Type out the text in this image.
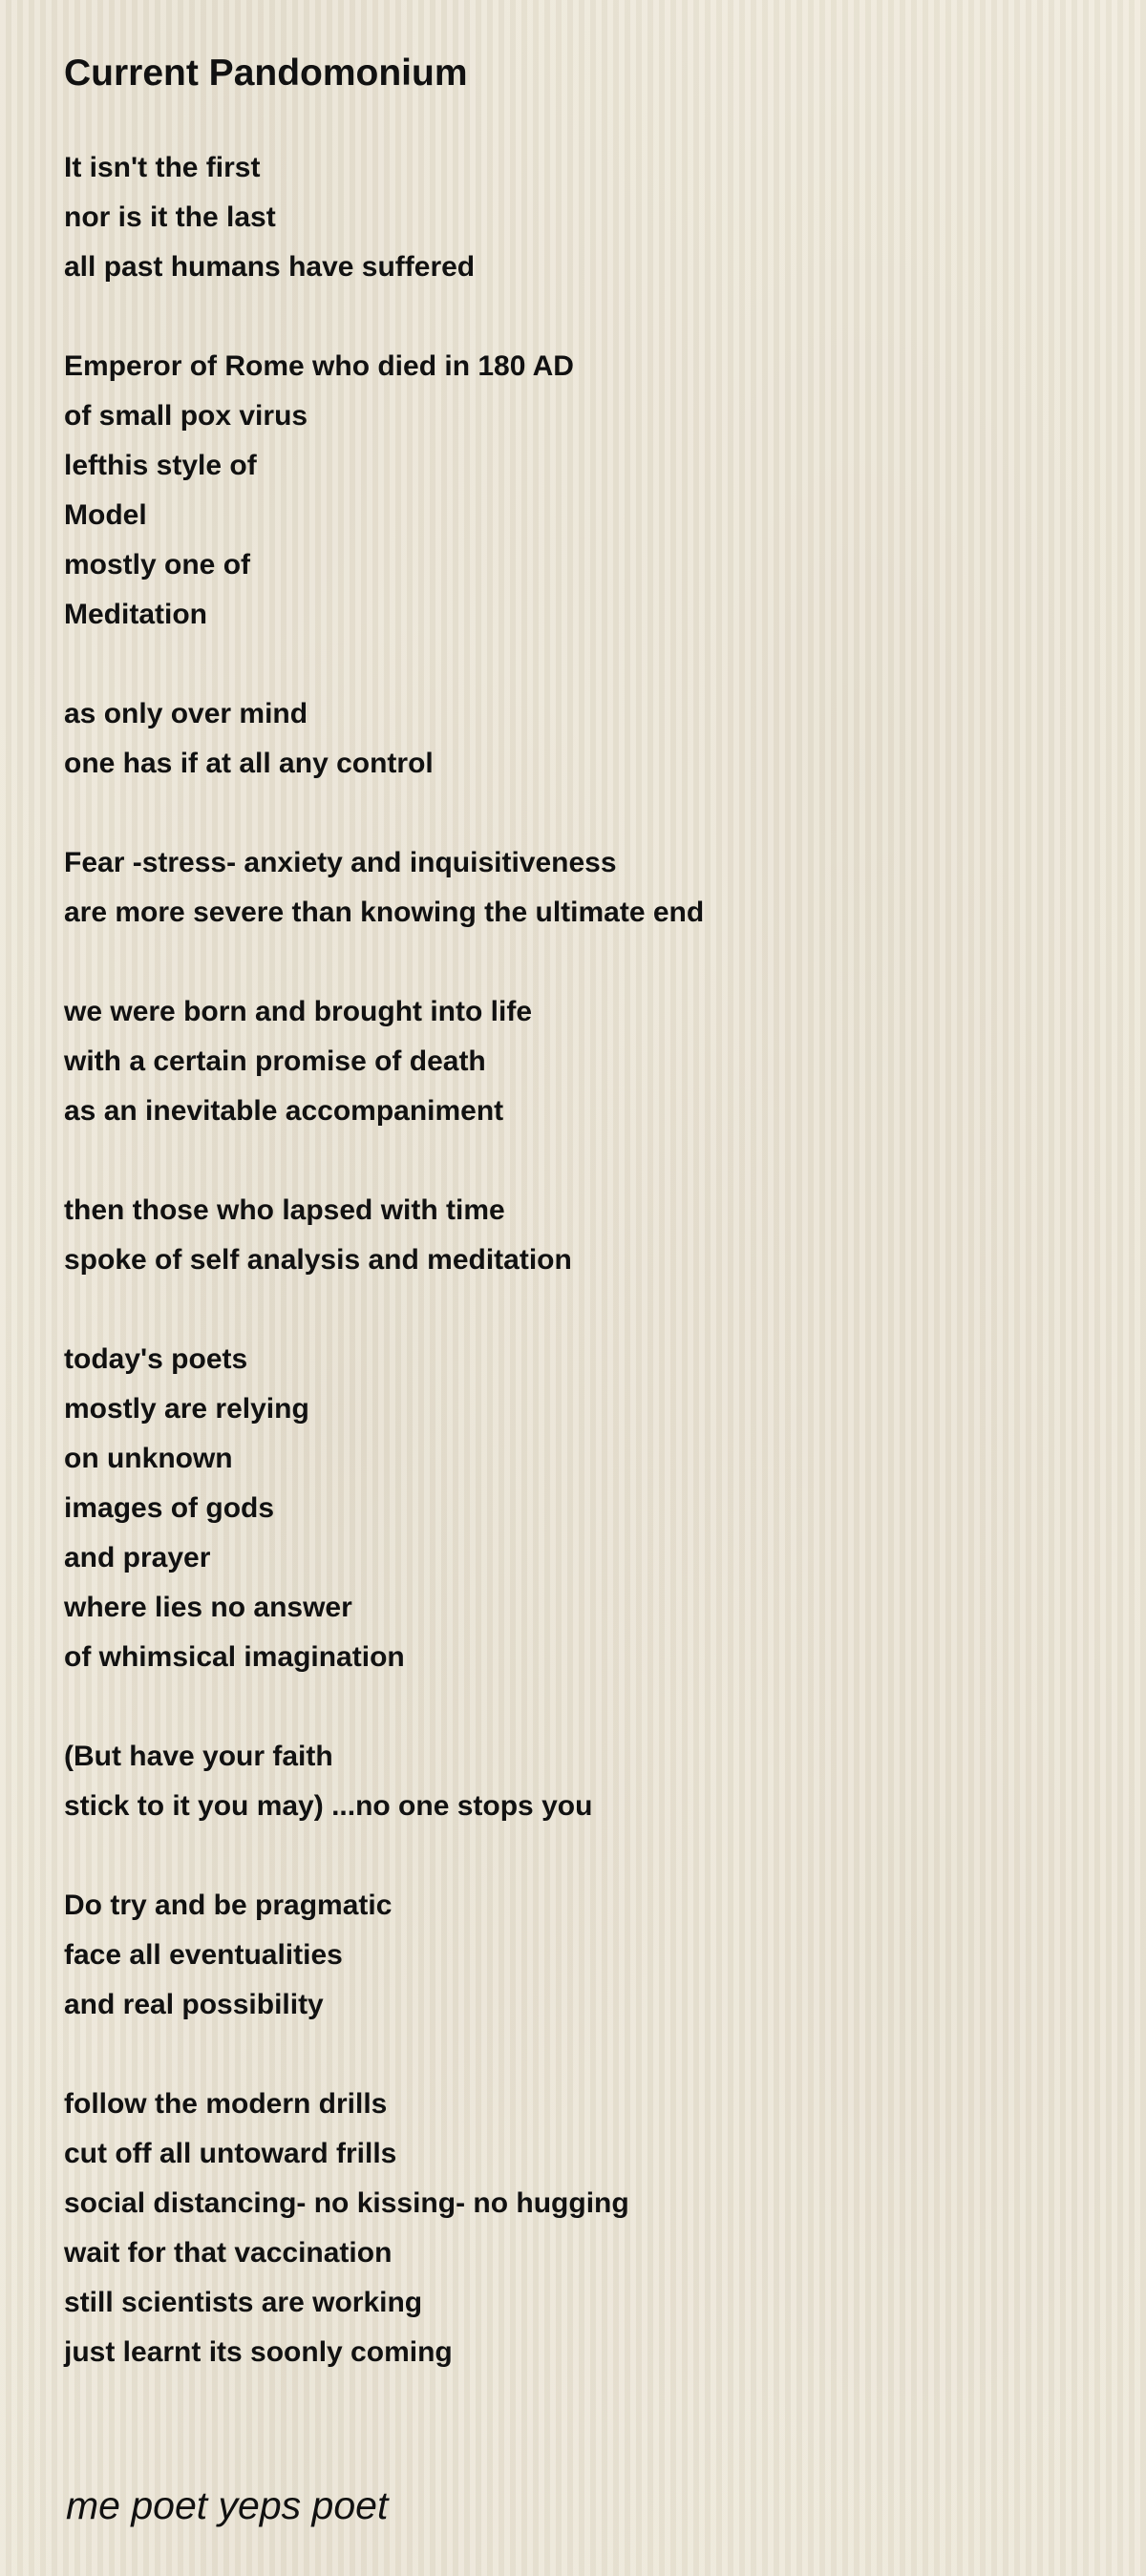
Current Pandomonium
It isn't the first
nor is it the last
all past humans have suffered
Emperor of Rome who died in 180 AD
of small pox virus
lefthis style of
Model
mostly one of
Meditation
as only over mind
one has if at all any control
Fear -stress- anxiety and inquisitiveness
are more severe than knowing the ultimate end
we were born and brought into life
with a certain promise of death
as an inevitable accompaniment
then those who lapsed with time
spoke of self analysis and meditation
today's poets
mostly are relying
on unknown
images of gods
and prayer
where lies no answer
of whimsical imagination
(But have your faith
stick to it you may) ...no one stops you
Do try and be pragmatic
face all eventualities
and real possibility
follow the modern drills
cut off all untoward frills
social distancing- no kissing- no hugging
wait for that vaccination
still scientists are working
just learnt its soonly coming
me poet yeps poet
